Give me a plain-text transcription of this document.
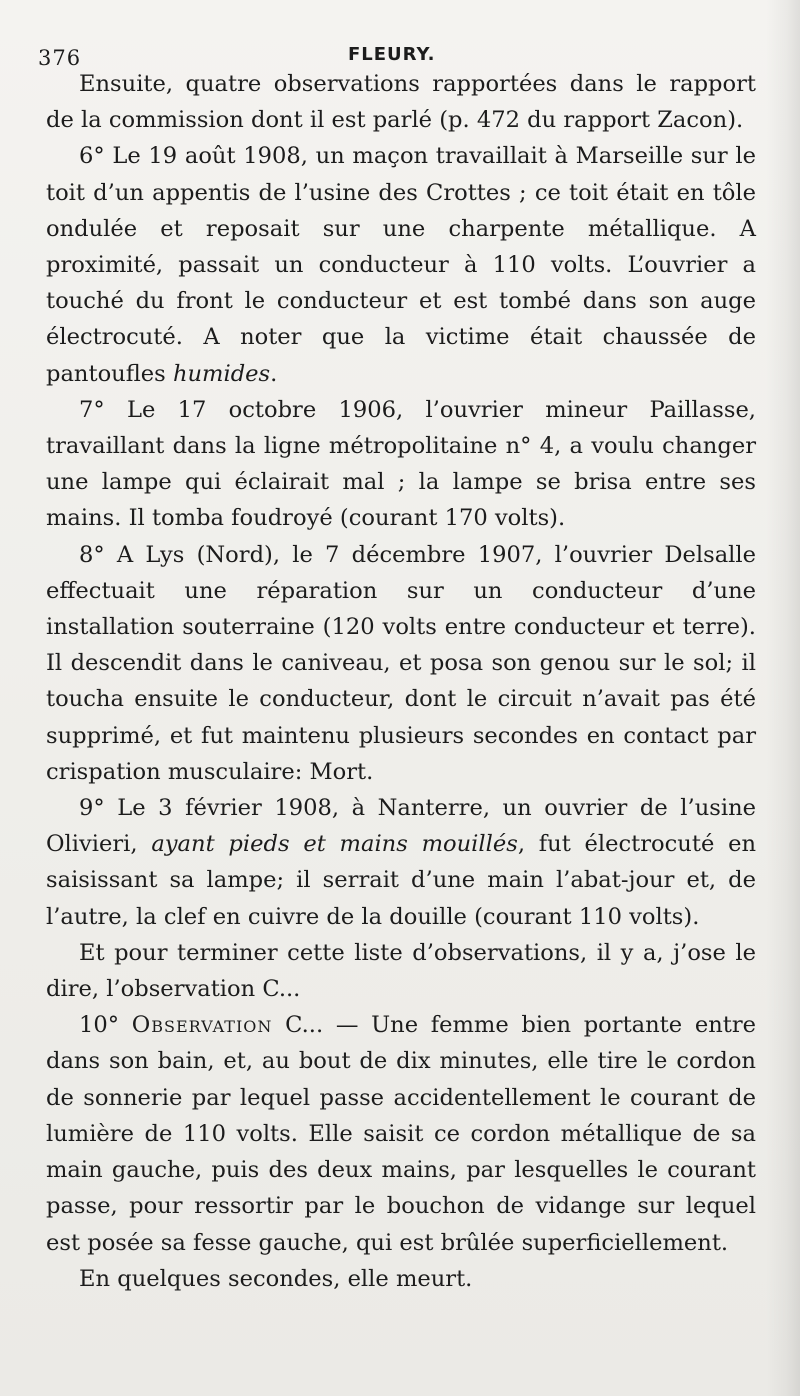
376	FLEURY.

Ensuite, quatre observations rapportées dans le rapport de la commission dont il est parlé (p. 472 du rapport Zacon).

6° Le 19 août 1908, un maçon travaillait à Marseille sur le toit d’un appentis de l’usine des Crottes ; ce toit était en tôle ondulée et reposait sur une charpente métallique. A proximité, passait un conducteur à 110 volts. L’ouvrier a touché du front le conducteur et est tombé dans son auge électrocuté. A noter que la victime était chaussée de pantoufles humides.

7° Le 17 octobre 1906, l’ouvrier mineur Paillasse, travaillant dans la ligne métropolitaine n° 4, a voulu changer une lampe qui éclairait mal ; la lampe se brisa entre ses mains. Il tomba foudroyé (courant 170 volts).

8° A Lys (Nord), le 7 décembre 1907, l’ouvrier Delsalle effectuait une réparation sur un conducteur d’une installation souterraine (120 volts entre conducteur et terre). Il descendit dans le caniveau, et posa son genou sur le sol; il toucha ensuite le conducteur, dont le circuit n’avait pas été supprimé, et fut maintenu plusieurs secondes en contact par crispation musculaire: Mort.

9° Le 3 février 1908, à Nanterre, un ouvrier de l’usine Olivieri, ayant pieds et mains mouillés, fut électrocuté en saisissant sa lampe; il serrait d’une main l’abat-jour et, de l’autre, la clef en cuivre de la douille (courant 110 volts).

Et pour terminer cette liste d’observations, il y a, j’ose le dire, l’observation C...

10° Observation C... — Une femme bien portante entre dans son bain, et, au bout de dix minutes, elle tire le cordon de sonnerie par lequel passe accidentellement le courant de lumière de 110 volts. Elle saisit ce cordon métallique de sa main gauche, puis des deux mains, par lesquelles le courant passe, pour ressortir par le bouchon de vidange sur lequel est posée sa fesse gauche, qui est brûlée superficiellement.

En quelques secondes, elle meurt.
